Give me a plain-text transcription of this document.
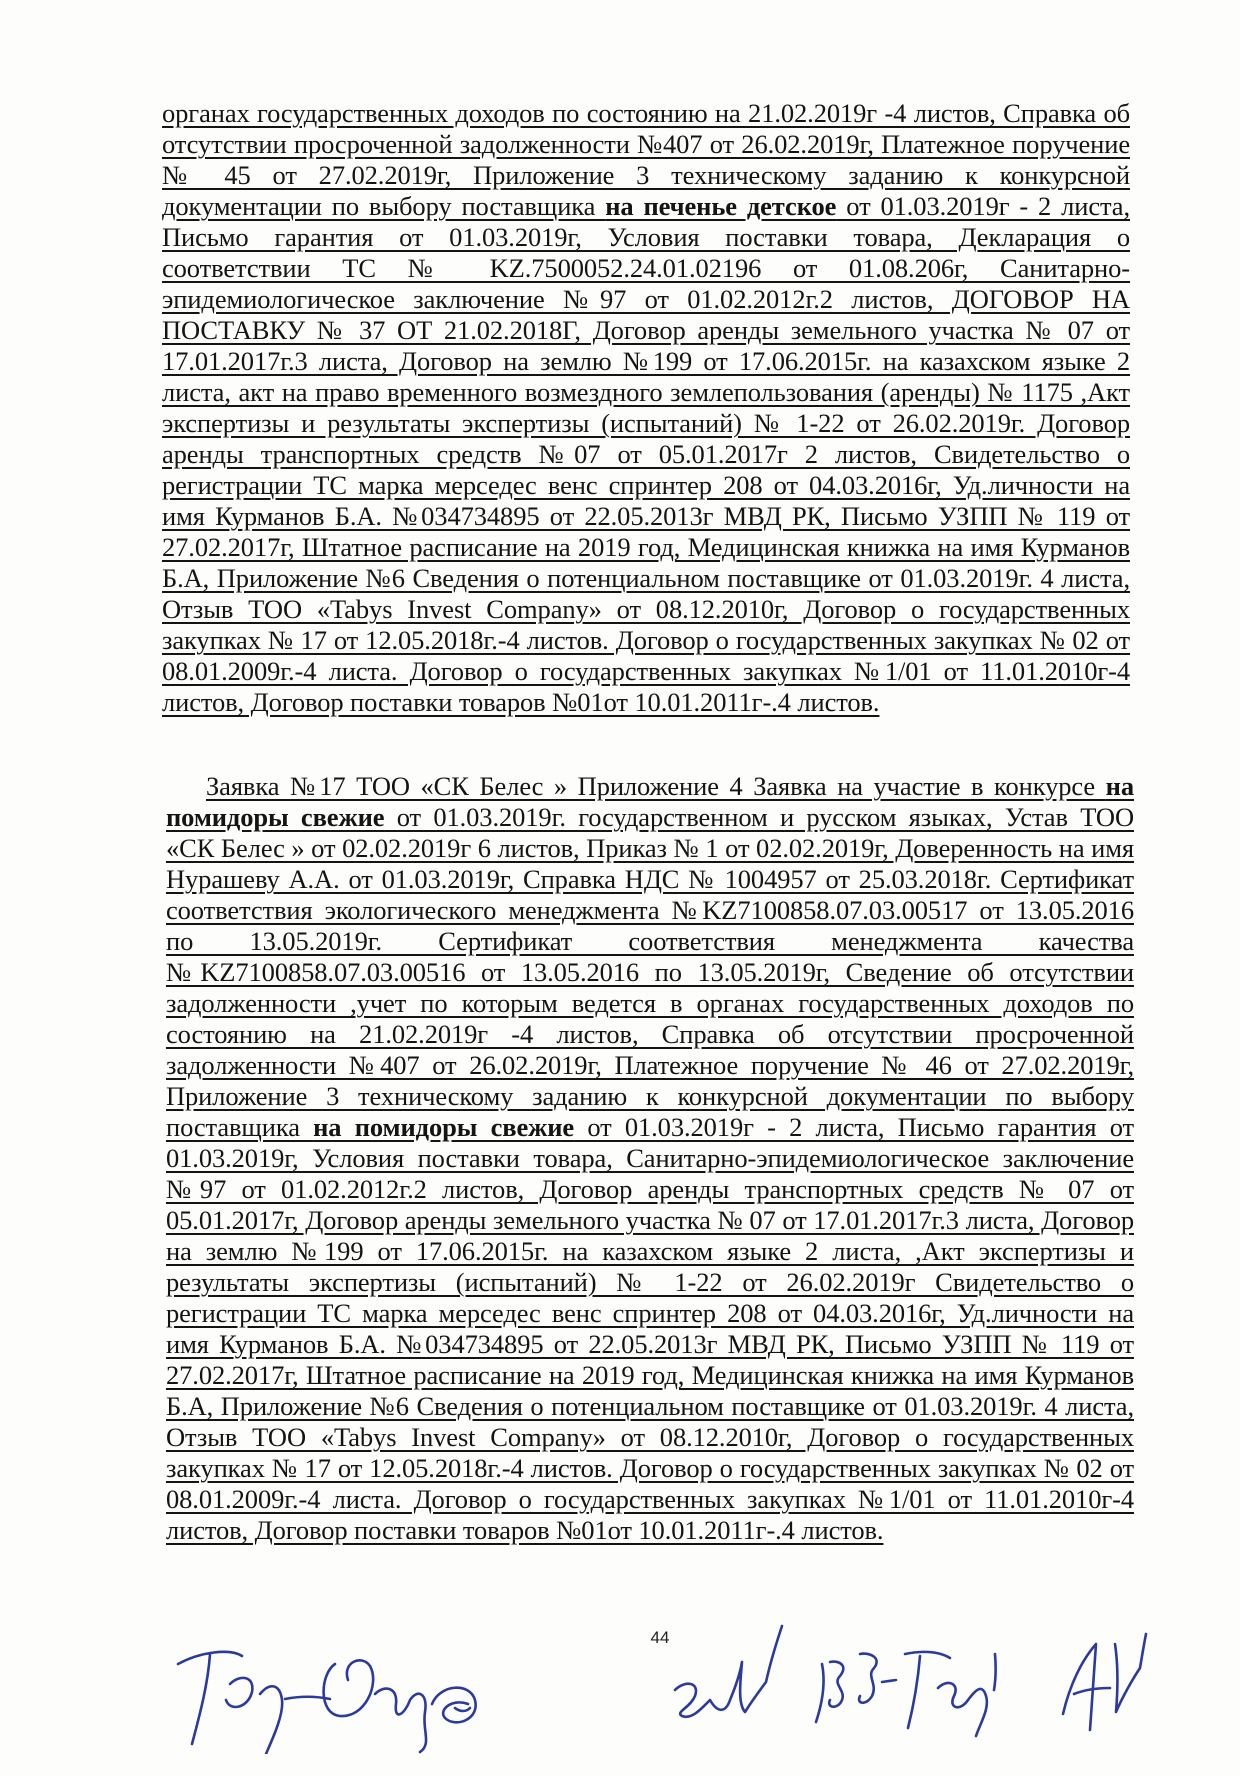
органах государственных доходов по состоянию на 21.02.2019г -4 листов, Справка об отсутствии просроченной задолженности №407 от 26.02.2019г, Платежное поручение № 45 от 27.02.2019г, Приложение 3 техническому заданию к конкурсной документации по выбору поставщика на печенье детское от 01.03.2019г - 2 листа, Письмо гарантия от 01.03.2019г, Условия поставки товара, Декларация о соответствии ТС № KZ.7500052.24.01.02196 от 01.08.206г, Санитарно-эпидемиологическое заключение №97 от 01.02.2012г.2 листов, ДОГОВОР НА ПОСТАВКУ № 37 ОТ 21.02.2018Г, Договор аренды земельного участка № 07 от 17.01.2017г.3 листа, Договор на землю №199 от 17.06.2015г. на казахском языке 2 листа, акт на право временного возмездного землепользования (аренды) № 1175 ,Акт экспертизы и результаты экспертизы (испытаний) № 1-22 от 26.02.2019г. Договор аренды транспортных средств №07 от 05.01.2017г 2 листов, Свидетельство о регистрации ТС марка мерседес венс спринтер 208 от 04.03.2016г, Уд.личности на имя Курманов Б.А. №034734895 от 22.05.2013г МВД РК, Письмо УЗПП № 119 от 27.02.2017г, Штатное расписание на 2019 год, Медицинская книжка на имя Курманов Б.А, Приложение №6 Сведения о потенциальном поставщике от 01.03.2019г. 4 листа, Отзыв ТОО «Tabys Invest Company» от 08.12.2010г, Договор о государственных закупках № 17 от 12.05.2018г.-4 листов. Договор о государственных закупках № 02 от 08.01.2009г.-4 листа. Договор о государственных закупках №1/01 от 11.01.2010г-4 листов, Договор поставки товаров №01от 10.01.2011г-.4 листов.
Заявка №17 ТОО «СК Белес » Приложение 4 Заявка на участие в конкурсе на помидоры свежие от 01.03.2019г. государственном и русском языках, Устав ТОО «СК Белес » от 02.02.2019г 6 листов, Приказ № 1 от 02.02.2019г, Доверенность на имя Нурашеву А.А. от 01.03.2019г, Справка НДС № 1004957 от 25.03.2018г. Сертификат соответствия экологического менеджмента №KZ7100858.07.03.00517 от 13.05.2016 по 13.05.2019г. Сертификат соответствия менеджмента качества №KZ7100858.07.03.00516 от 13.05.2016 по 13.05.2019г, Сведение об отсутствии задолженности ,учет по которым ведется в органах государственных доходов по состоянию на 21.02.2019г -4 листов, Справка об отсутствии просроченной задолженности №407 от 26.02.2019г, Платежное поручение № 46 от 27.02.2019г, Приложение 3 техническому заданию к конкурсной документации по выбору поставщика на помидоры свежие от 01.03.2019г - 2 листа, Письмо гарантия от 01.03.2019г, Условия поставки товара, Санитарно-эпидемиологическое заключение №97 от 01.02.2012г.2 листов, Договор аренды транспортных средств № 07 от 05.01.2017г, Договор аренды земельного участка № 07 от 17.01.2017г.3 листа, Договор на землю №199 от 17.06.2015г. на казахском языке 2 листа, ,Акт экспертизы и результаты экспертизы (испытаний) № 1-22 от 26.02.2019г Свидетельство о регистрации ТС марка мерседес венс спринтер 208 от 04.03.2016г, Уд.личности на имя Курманов Б.А. №034734895 от 22.05.2013г МВД РК, Письмо УЗПП № 119 от 27.02.2017г, Штатное расписание на 2019 год, Медицинская книжка на имя Курманов Б.А, Приложение №6 Сведения о потенциальном поставщике от 01.03.2019г. 4 листа, Отзыв ТОО «Tabys Invest Company» от 08.12.2010г, Договор о государственных закупках № 17 от 12.05.2018г.-4 листов. Договор о государственных закупках № 02 от 08.01.2009г.-4 листа. Договор о государственных закупках №1/01 от 11.01.2010г-4 листов, Договор поставки товаров №01от 10.01.2011г-.4 листов.
44
